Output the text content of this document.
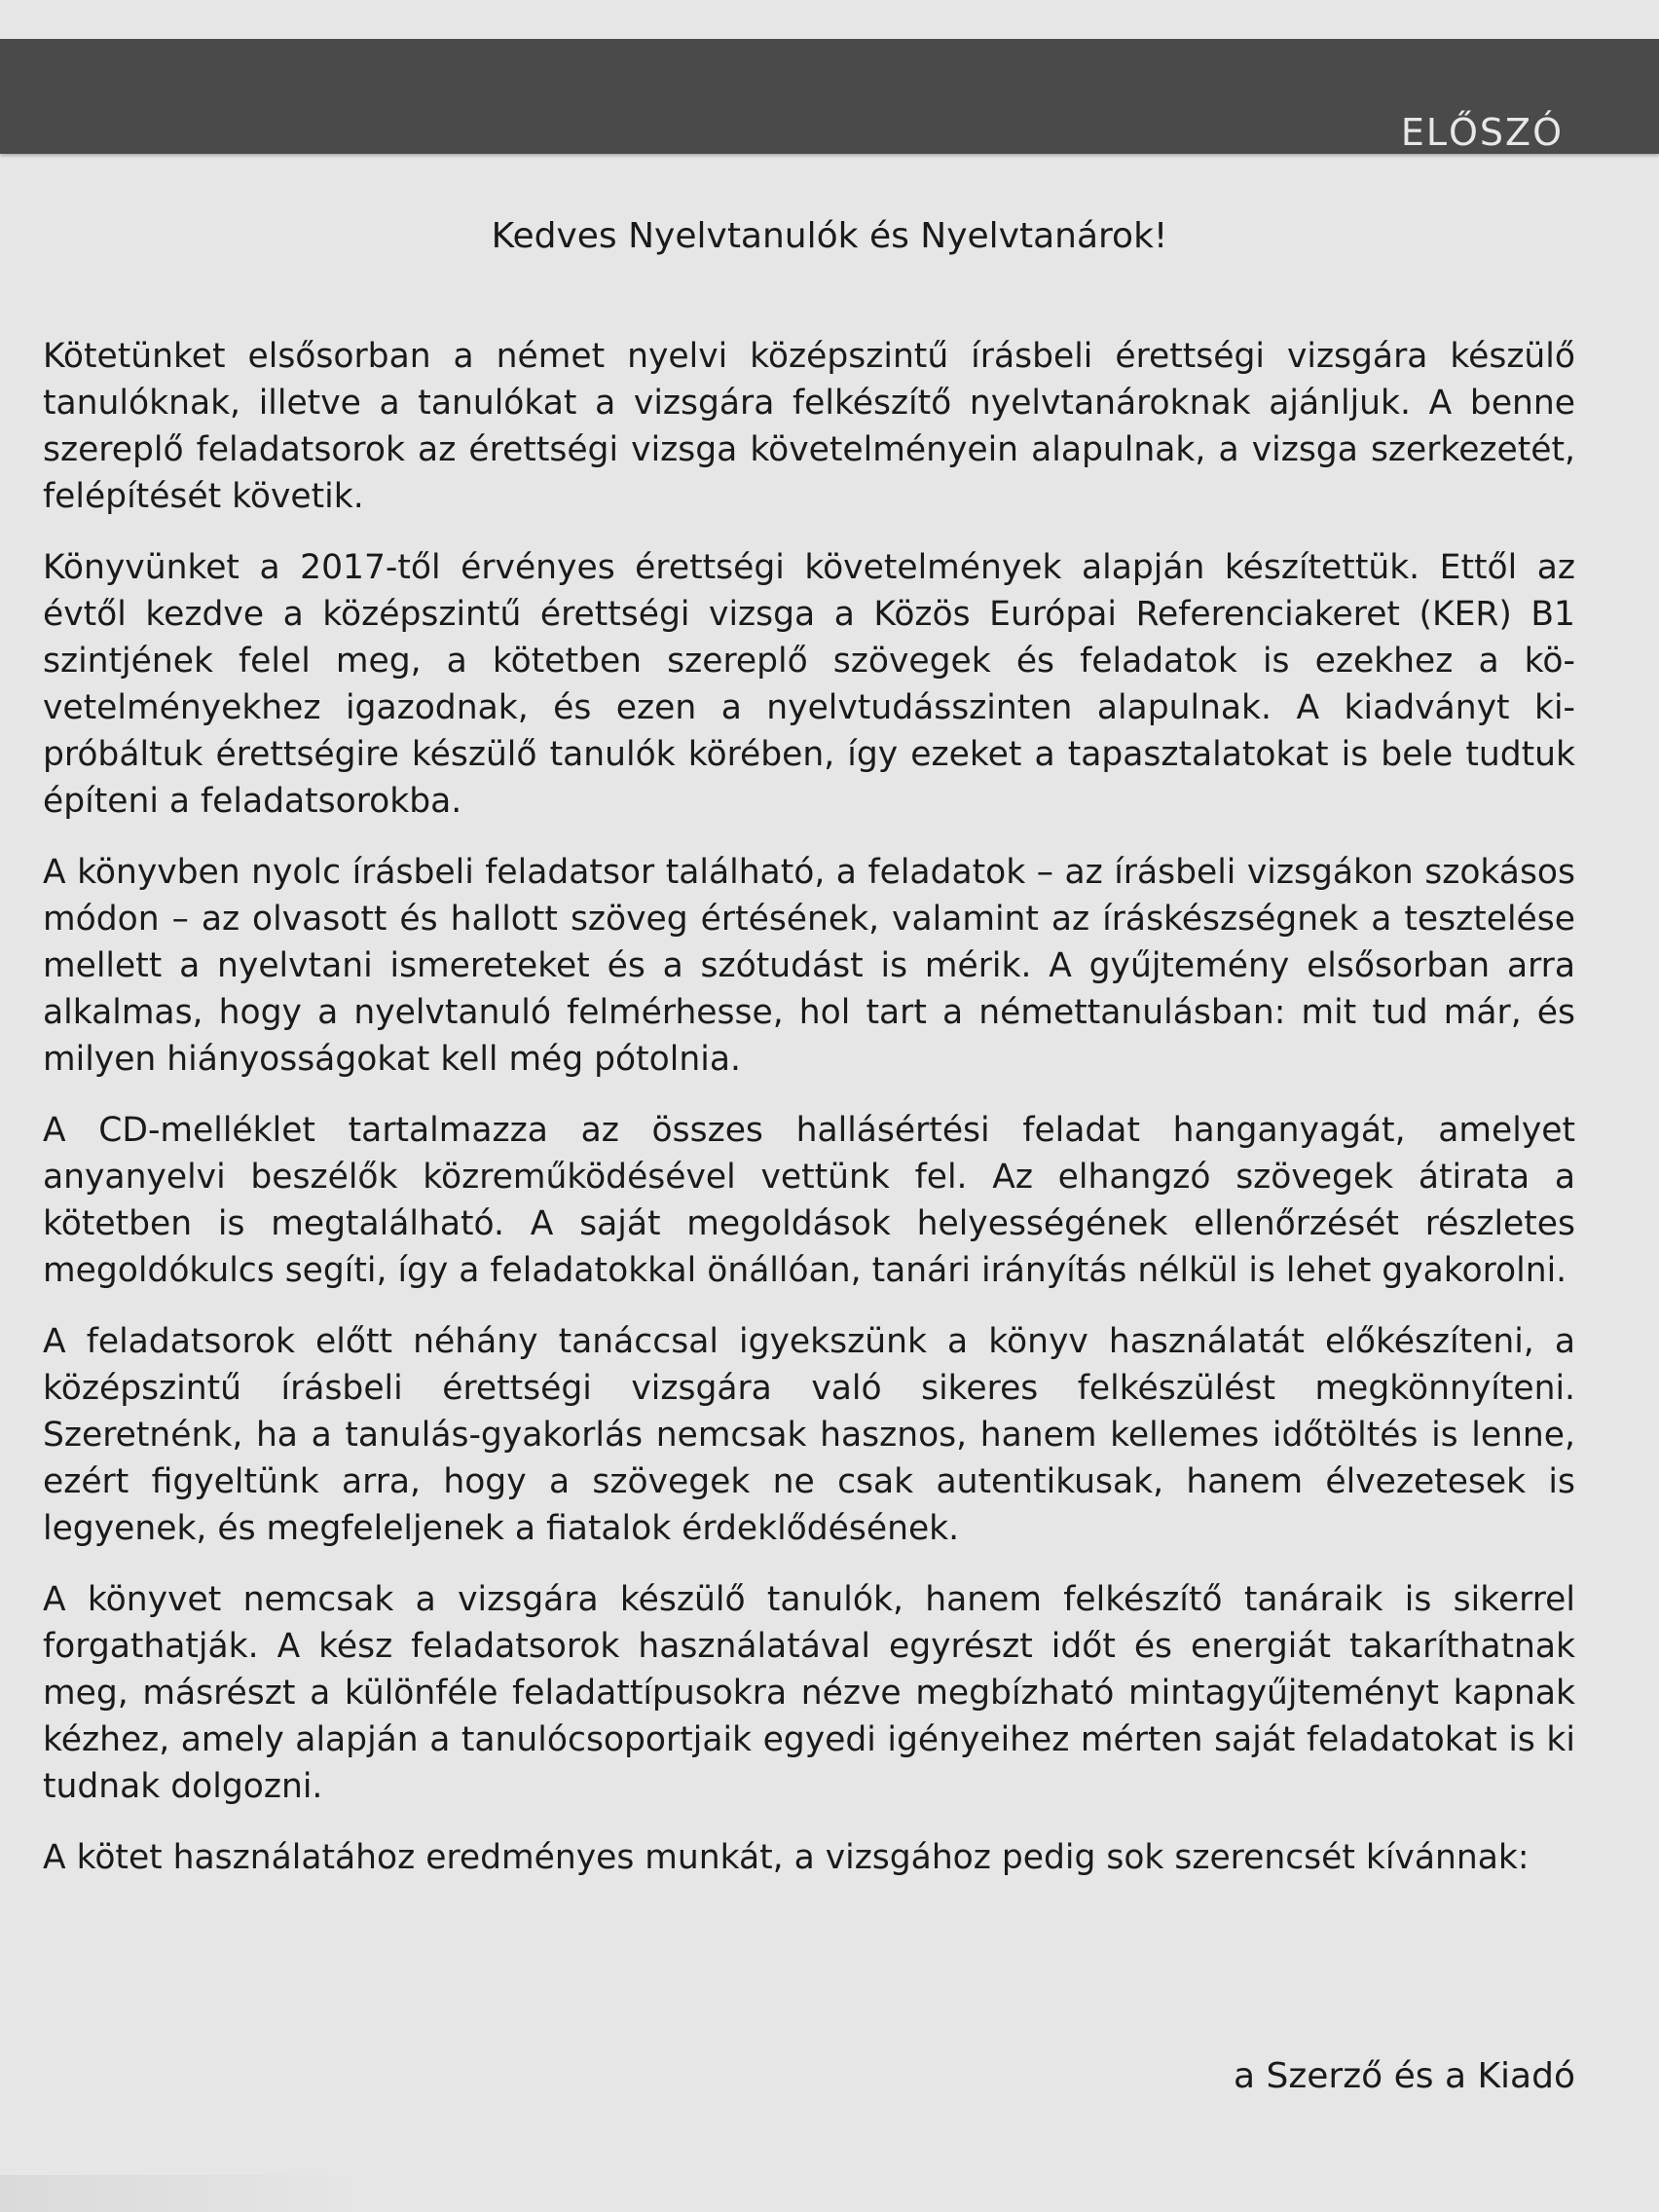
ELŐSZÓ
Kedves Nyelvtanulók és Nyelvtanárok!

Kötetünket elsősorban a német nyelvi középszintű írásbeli érettségi vizsgára készülő tanulóknak, illetve a tanulókat a vizsgára felkészítő nyelvtanároknak ajánljuk. A benne szereplő feladatsorok az érettségi vizsga követelményein alapulnak, a vizsga szerkezetét, felépítését követik.

Könyvünket a 2017-től érvényes érettségi követelmények alapján készítettük. Ettől az évtől kezdve a középszintű érettségi vizsga a Közös Európai Referenciakeret (KER) B1 szintjének felel meg, a kötetben szereplő szövegek és feladatok is ezekhez a követelményekhez igazodnak, és ezen a nyelvtudásszinten alapulnak. A kiadványt kipróbáltuk érettségire készülő tanulók körében, így ezeket a tapasztalatokat is bele tudtuk építeni a feladatsorokba.

A könyvben nyolc írásbeli feladatsor található, a feladatok – az írásbeli vizsgákon szokásos módon – az olvasott és hallott szöveg értésének, valamint az íráskészségnek a tesztelése mellett a nyelvtani ismereteket és a szótudást is mérik. A gyűjtemény elsősorban arra alkalmas, hogy a nyelvtanuló felmérhesse, hol tart a némettanulásban: mit tud már, és milyen hiányosságokat kell még pótolnia.

A CD-melléklet tartalmazza az összes hallásértési feladat hanganyagát, amelyet anyanyelvi beszélők közreműködésével vettünk fel. Az elhangzó szövegek átirata a kötetben is megtalálható. A saját megoldások helyességének ellenőrzését részletes megoldókulcs segíti, így a feladatokkal önállóan, tanári irányítás nélkül is lehet gyakorolni.

A feladatsorok előtt néhány tanáccsal igyekszünk a könyv használatát előkészíteni, a középszintű írásbeli érettségi vizsgára való sikeres felkészülést megkönnyíteni. Szeretnénk, ha a tanulás-gyakorlás nemcsak hasznos, hanem kellemes időtöltés is lenne, ezért figyeltünk arra, hogy a szövegek ne csak autentikusak, hanem élvezetesek is legyenek, és megfeleljenek a fiatalok érdeklődésének.

A könyvet nemcsak a vizsgára készülő tanulók, hanem felkészítő tanáraik is sikerrel forgathatják. A kész feladatsorok használatával egyrészt időt és energiát takaríthatnak meg, másrészt a különféle feladattípusokra nézve megbízható mintagyűjteményt kapnak kézhez, amely alapján a tanulócsoportjaik egyedi igényeihez mérten saját feladatokat is ki tudnak dolgozni.

A kötet használatához eredményes munkát, a vizsgához pedig sok szerencsét kívánnak:

a Szerző és a Kiadó
